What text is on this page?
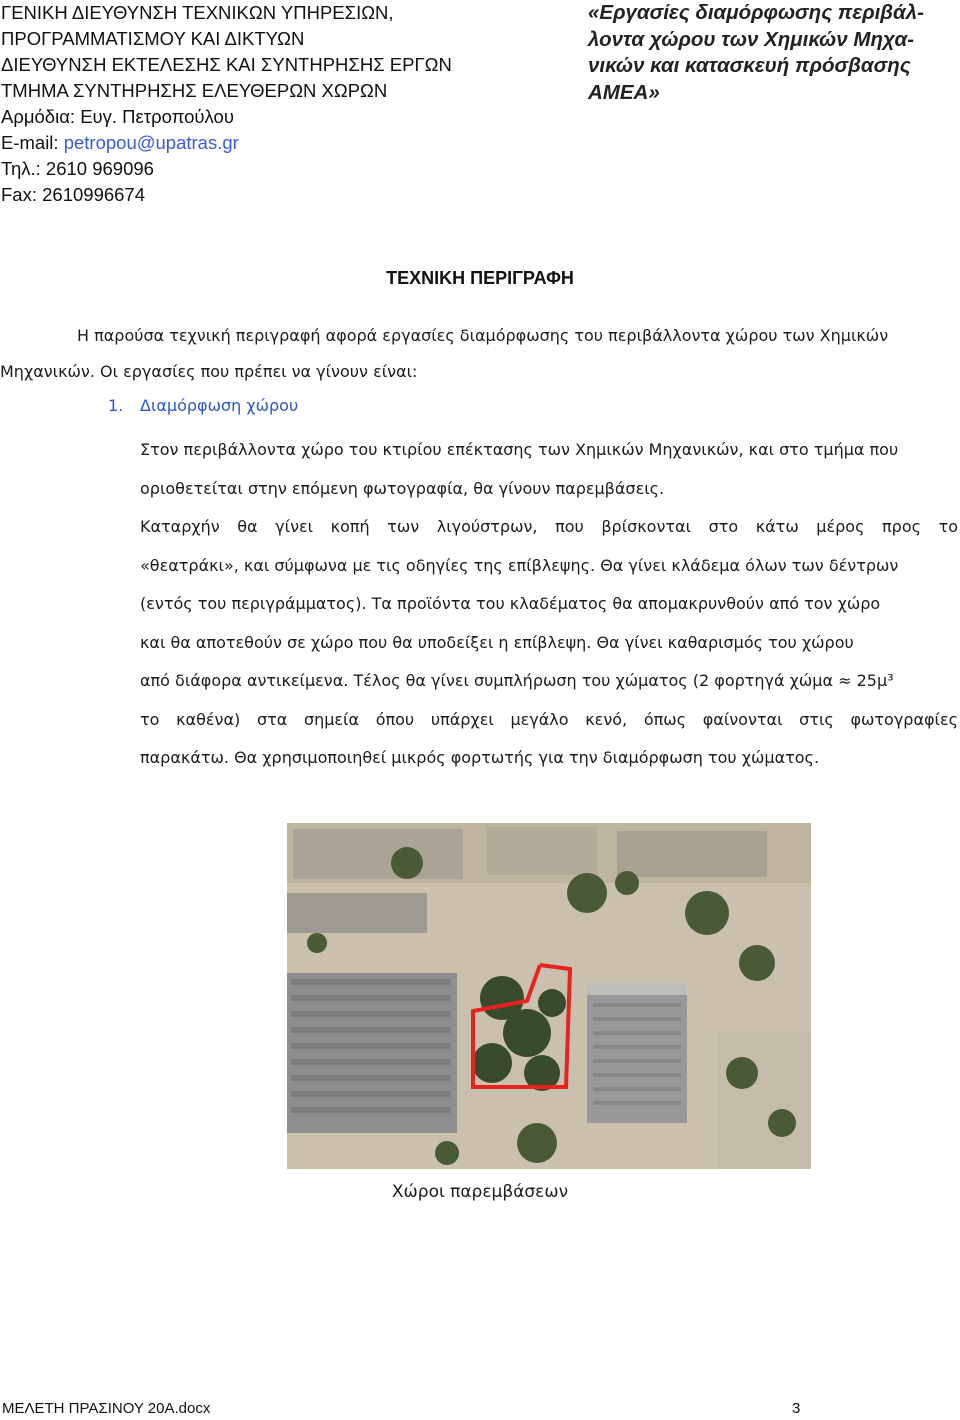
ΓΕΝΙΚΗ ΔΙΕΥΘΥΝΣΗ ΤΕΧΝΙΚΩΝ ΥΠΗΡΕΣΙΩΝ,
ΠΡΟΓΡΑΜΜΑΤΙΣΜΟΥ ΚΑΙ ΔΙΚΤΥΩΝ
ΔΙΕΥΘΥΝΣΗ ΕΚΤΕΛΕΣΗΣ ΚΑΙ ΣΥΝΤΗΡΗΣΗΣ ΕΡΓΩΝ
ΤΜΗΜΑ ΣΥΝΤΗΡΗΣΗΣ ΕΛΕΥΘΕΡΩΝ ΧΩΡΩΝ
Αρμόδια: Ευγ. Πετροπούλου
E-mail: petropou@upatras.gr
Τηλ.: 2610 969096
Fax: 2610996674
«Εργασίες διαμόρφωσης περιβάλ-
λοντα χώρου των Χημικών Μηχα-
νικών και κατασκευή πρόσβασης
ΑΜΕΑ»
ΤΕΧΝΙΚΗ ΠΕΡΙΓΡΑΦΗ
Η παρούσα τεχνική περιγραφή αφορά εργασίες διαμόρφωσης του περιβάλλοντα χώρου των Χημικών
Μηχανικών. Οι εργασίες που πρέπει να γίνουν είναι:
1. Διαμόρφωση χώρου
Στον περιβάλλοντα χώρο του κτιρίου επέκτασης των Χημικών Μηχανικών, και στο τμήμα που
οριοθετείται στην επόμενη φωτογραφία, θα γίνουν παρεμβάσεις.
Καταρχήν θα γίνει κοπή των λιγούστρων, που βρίσκονται στο κάτω μέρος προς το
«θεατράκι», και σύμφωνα με τις οδηγίες της επίβλεψης. Θα γίνει κλάδεμα όλων των δέντρων
(εντός του περιγράμματος). Τα προϊόντα του κλαδέματος θα απομακρυνθούν από τον χώρο
και θα αποτεθούν σε χώρο που θα υποδείξει η επίβλεψη. Θα γίνει καθαρισμός του χώρου
από διάφορα αντικείμενα. Τέλος θα γίνει συμπλήρωση του χώματος (2 φορτηγά χώμα ≈ 25μ³
το καθένα) στα σημεία όπου υπάρχει μεγάλο κενό, όπως φαίνονται στις φωτογραφίες
παρακάτω. Θα χρησιμοποιηθεί μικρός φορτωτής για την διαμόρφωση του χώματος.
Χώροι παρεμβάσεων
ΜΕΛΕΤΗ ΠΡΑΣΙΝΟΥ 20Α.docx	3
